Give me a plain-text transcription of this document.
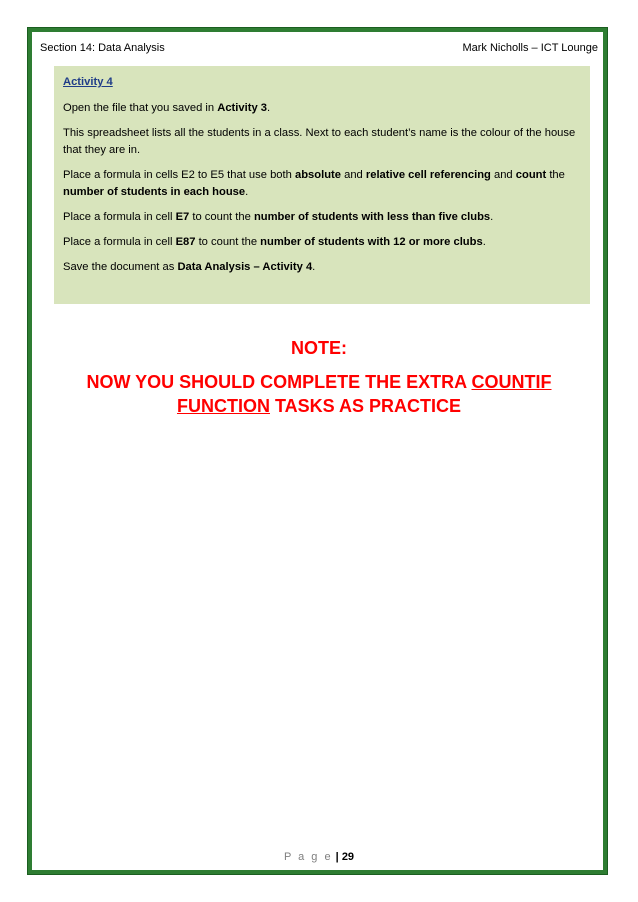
Section 14: Data Analysis	Mark Nicholls – ICT Lounge

Activity 4

Open the file that you saved in Activity 3.

This spreadsheet lists all the students in a class. Next to each student’s name is the colour of the house that they are in.

Place a formula in cells E2 to E5 that use both absolute and relative cell referencing and count the number of students in each house.

Place a formula in cell E7 to count the number of students with less than five clubs.

Place a formula in cell E87 to count the number of students with 12 or more clubs.

Save the document as Data Analysis – Activity 4.

NOTE:

NOW YOU SHOULD COMPLETE THE EXTRA COUNTIF FUNCTION TASKS AS PRACTICE

P a g e | 29
